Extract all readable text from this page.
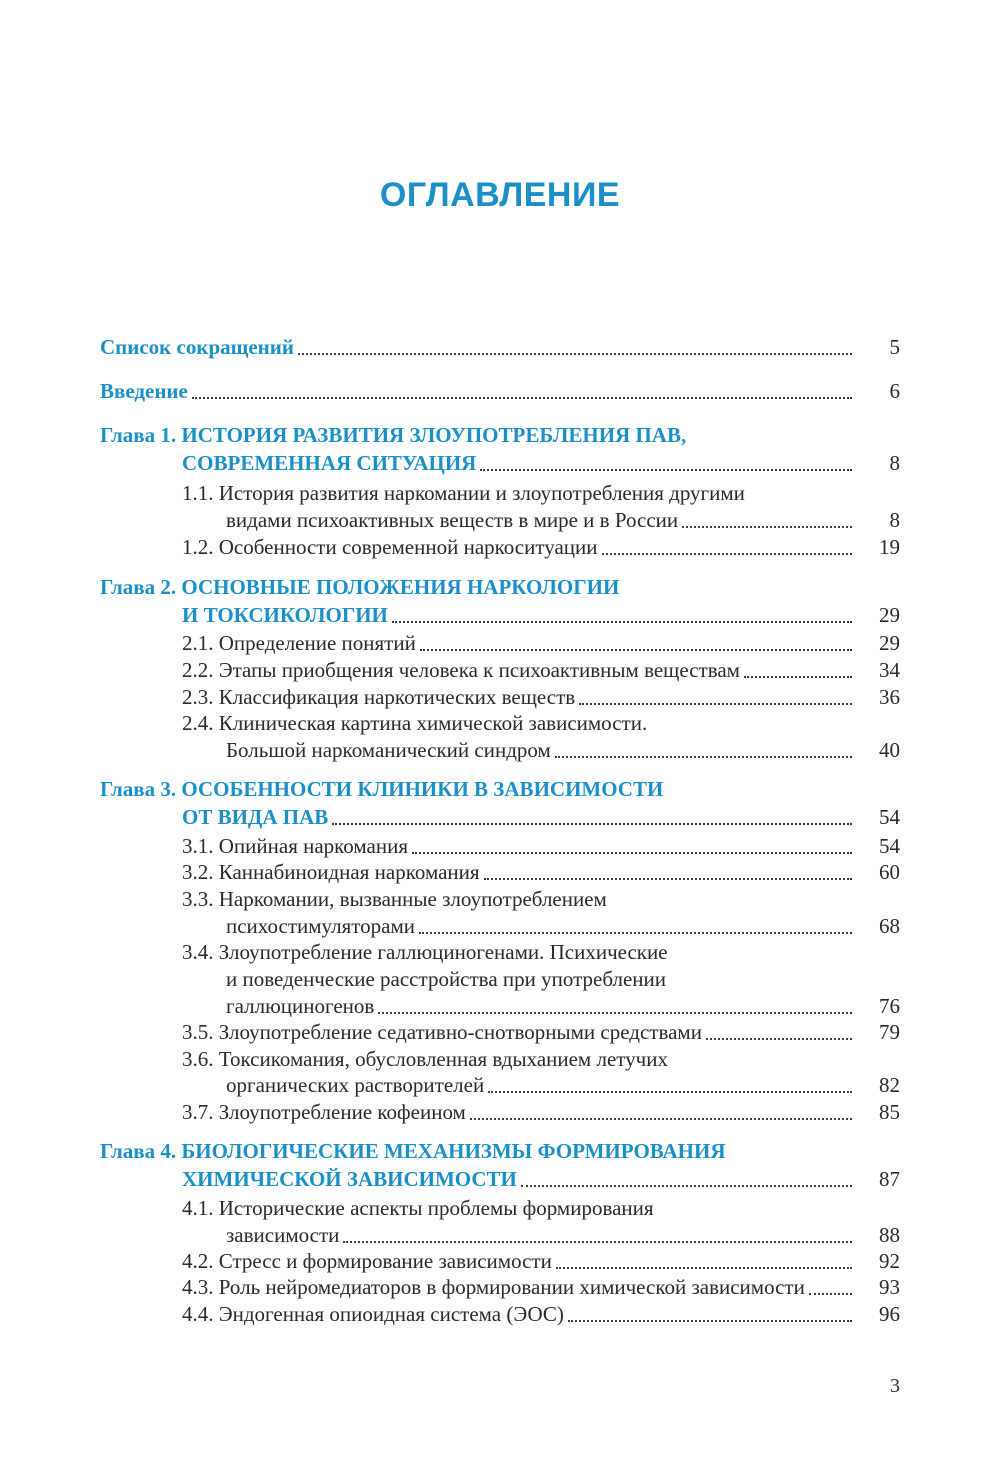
ОГЛАВЛЕНИЕ
Список сокращений	5
Введение	6
Глава 1. ИСТОРИЯ РАЗВИТИЯ ЗЛОУПОТРЕБЛЕНИЯ ПАВ,
СОВРЕМЕННАЯ СИТУАЦИЯ	8
1.1. История развития наркомании и злоупотребления другими
видами психоактивных веществ в мире и в России	8
1.2. Особенности современной наркоситуации	19
Глава 2. ОСНОВНЫЕ ПОЛОЖЕНИЯ НАРКОЛОГИИ
И ТОКСИКОЛОГИИ	29
2.1. Определение понятий	29
2.2. Этапы приобщения человека к психоактивным веществам	34
2.3. Классификация наркотических веществ	36
2.4. Клиническая картина химической зависимости.
Большой наркоманический синдром	40
Глава 3. ОСОБЕННОСТИ КЛИНИКИ В ЗАВИСИМОСТИ
ОТ ВИДА ПАВ	54
3.1. Опийная наркомания	54
3.2. Каннабиноидная наркомания	60
3.3. Наркомании, вызванные злоупотреблением
психостимуляторами	68
3.4. Злоупотребление галлюциногенами. Психические
и поведенческие расстройства при употреблении
галлюциногенов	76
3.5. Злоупотребление седативно-снотворными средствами	79
3.6. Токсикомания, обусловленная вдыханием летучих
органических растворителей	82
3.7. Злоупотребление кофеином	85
Глава 4. БИОЛОГИЧЕСКИЕ МЕХАНИЗМЫ ФОРМИРОВАНИЯ
ХИМИЧЕСКОЙ ЗАВИСИМОСТИ	87
4.1. Исторические аспекты проблемы формирования
зависимости	88
4.2. Стресс и формирование зависимости	92
4.3. Роль нейромедиаторов в формировании химической зависимости	93
4.4. Эндогенная опиоидная система (ЭОС)	96
3
